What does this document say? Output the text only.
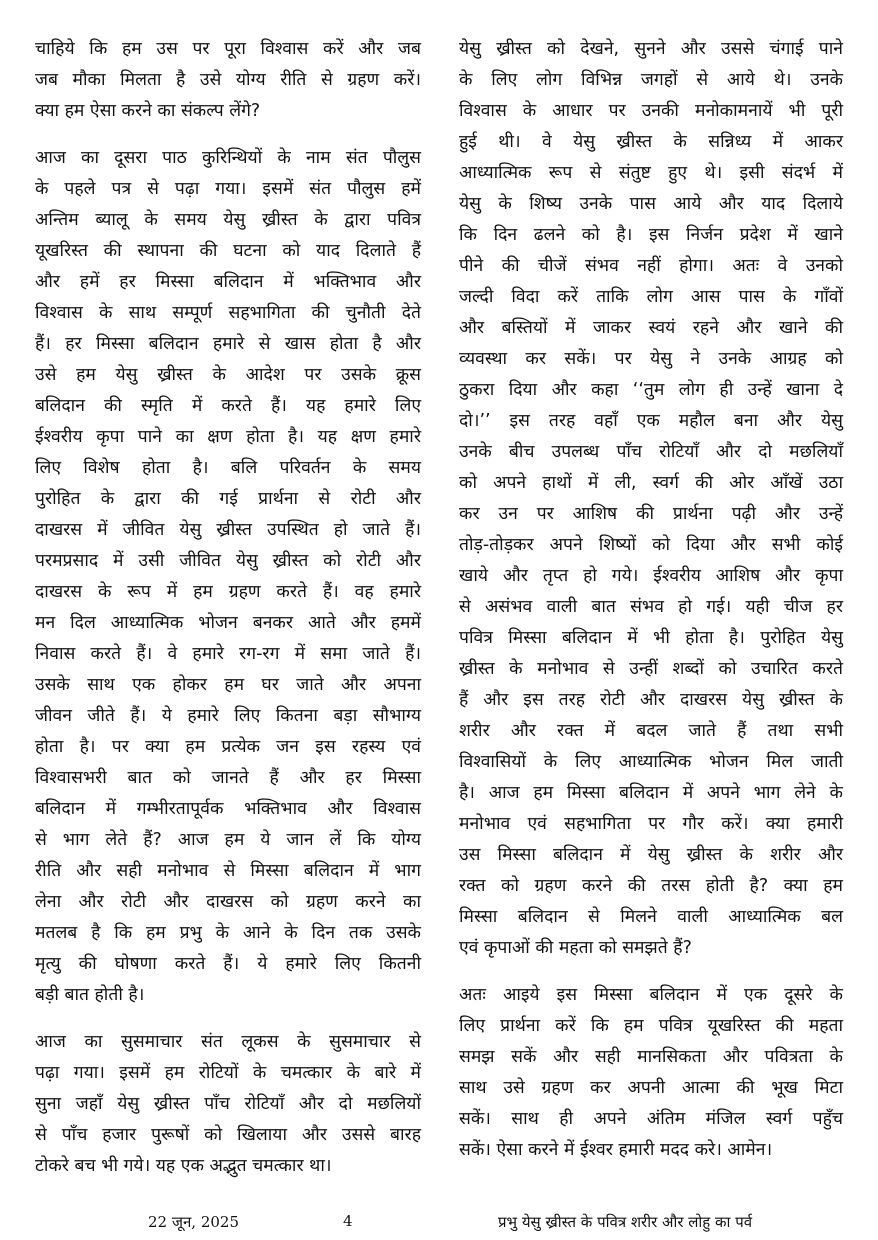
चाहिये कि हम उस पर पूरा विश्वास करें और जब
जब मौका मिलता है उसे योग्य रीति से ग्रहण करें।
क्या हम ऐसा करने का संकल्प लेंगे?
आज का दूसरा पाठ कुरिन्थियों के नाम संत पौलुस
के पहले पत्र से पढ़ा गया। इसमें संत पौलुस हमें
अन्तिम ब्यालू के समय येसु ख्रीस्त के द्वारा पवित्र
यूखरिस्त की स्थापना की घटना को याद दिलाते हैं
और हमें हर मिस्सा बलिदान में भक्तिभाव और
विश्वास के साथ सम्पूर्ण सहभागिता की चुनौती देते
हैं। हर मिस्सा बलिदान हमारे से खास होता है और
उसे हम येसु ख्रीस्त के आदेश पर उसके क्रूस
बलिदान की स्मृति में करते हैं। यह हमारे लिए
ईश्वरीय कृपा पाने का क्षण होता है। यह क्षण हमारे
लिए विशेष होता है। बलि परिवर्तन के समय
पुरोहित के द्वारा की गई प्रार्थना से रोटी और
दाखरस में जीवित येसु ख्रीस्त उपस्थित हो जाते हैं।
परमप्रसाद में उसी जीवित येसु ख्रीस्त को रोटी और
दाखरस के रूप में हम ग्रहण करते हैं। वह हमारे
मन दिल आध्यात्मिक भोजन बनकर आते और हममें
निवास करते हैं। वे हमारे रग-रग में समा जाते हैं।
उसके साथ एक होकर हम घर जाते और अपना
जीवन जीते हैं। ये हमारे लिए कितना बड़ा सौभाग्य
होता है। पर क्या हम प्रत्येक जन इस रहस्य एवं
विश्वासभरी बात को जानते हैं और हर मिस्सा
बलिदान में गम्भीरतापूर्वक भक्तिभाव और विश्वास
से भाग लेते हैं? आज हम ये जान लें कि योग्य
रीति और सही मनोभाव से मिस्सा बलिदान में भाग
लेना और रोटी और दाखरस को ग्रहण करने का
मतलब है कि हम प्रभु के आने के दिन तक उसके
मृत्यु की घोषणा करते हैं। ये हमारे लिए कितनी
बड़ी बात होती है।
आज का सुसमाचार संत लूकस के सुसमाचार से
पढ़ा गया। इसमें हम रोटियों के चमत्कार के बारे में
सुना जहाँ येसु ख्रीस्त पाँच रोटियाँ और दो मछलियों
से पाँच हजार पुरूषों को खिलाया और उससे बारह
टोकरे बच भी गये। यह एक अद्भुत चमत्कार था।
येसु ख्रीस्त को देखने, सुनने और उससे चंगाई पाने
के लिए लोग विभिन्न जगहों से आये थे। उनके
विश्वास के आधार पर उनकी मनोकामनायें भी पूरी
हुई थी। वे येसु ख्रीस्त के सन्निध्य में आकर
आध्यात्मिक रूप से संतुष्ट हुए थे। इसी संदर्भ में
येसु के शिष्य उनके पास आये और याद दिलाये
कि दिन ढलने को है। इस निर्जन प्रदेश में खाने
पीने की चीजें संभव नहीं होगा। अतः वे उनको
जल्दी विदा करें ताकि लोग आस पास के गाँवों
और बस्तियों में जाकर स्वयं रहने और खाने की
व्यवस्था कर सकें। पर येसु ने उनके आग्रह को
ठुकरा दिया और कहा ‘‘तुम लोग ही उन्हें खाना दे
दो।’’ इस तरह वहाँ एक महौल बना और येसु
उनके बीच उपलब्ध पाँच रोटियाँ और दो मछलियाँ
को अपने हाथों में ली, स्वर्ग की ओर आँखें उठा
कर उन पर आशिष की प्रार्थना पढ़ी और उन्हें
तोड़-तोड़कर अपने शिष्यों को दिया और सभी कोई
खाये और तृप्त हो गये। ईश्वरीय आशिष और कृपा
से असंभव वाली बात संभव हो गई। यही चीज हर
पवित्र मिस्सा बलिदान में भी होता है। पुरोहित येसु
ख्रीस्त के मनोभाव से उन्हीं शब्दों को उचारित करते
हैं और इस तरह रोटी और दाखरस येसु ख्रीस्त के
शरीर और रक्त में बदल जाते हैं तथा सभी
विश्वासियों के लिए आध्यात्मिक भोजन मिल जाती
है। आज हम मिस्सा बलिदान में अपने भाग लेने के
मनोभाव एवं सहभागिता पर गौर करें। क्या हमारी
उस मिस्सा बलिदान में येसु ख्रीस्त के शरीर और
रक्त को ग्रहण करने की तरस होती है? क्या हम
मिस्सा बलिदान से मिलने वाली आध्यात्मिक बल
एवं कृपाओं की महता को समझते हैं?
अतः आइये इस मिस्सा बलिदान में एक दूसरे के
लिए प्रार्थना करें कि हम पवित्र यूखरिस्त की महता
समझ सकें और सही मानसिकता और पवित्रता के
साथ उसे ग्रहण कर अपनी आत्मा की भूख मिटा
सकें। साथ ही अपने अंतिम मंजिल स्वर्ग पहुँच
सकें। ऐसा करने में ईश्वर हमारी मदद करे। आमेन।
22 जून, 2025	4	प्रभु येसु ख्रीस्त के पवित्र शरीर और लोहु का पर्व
